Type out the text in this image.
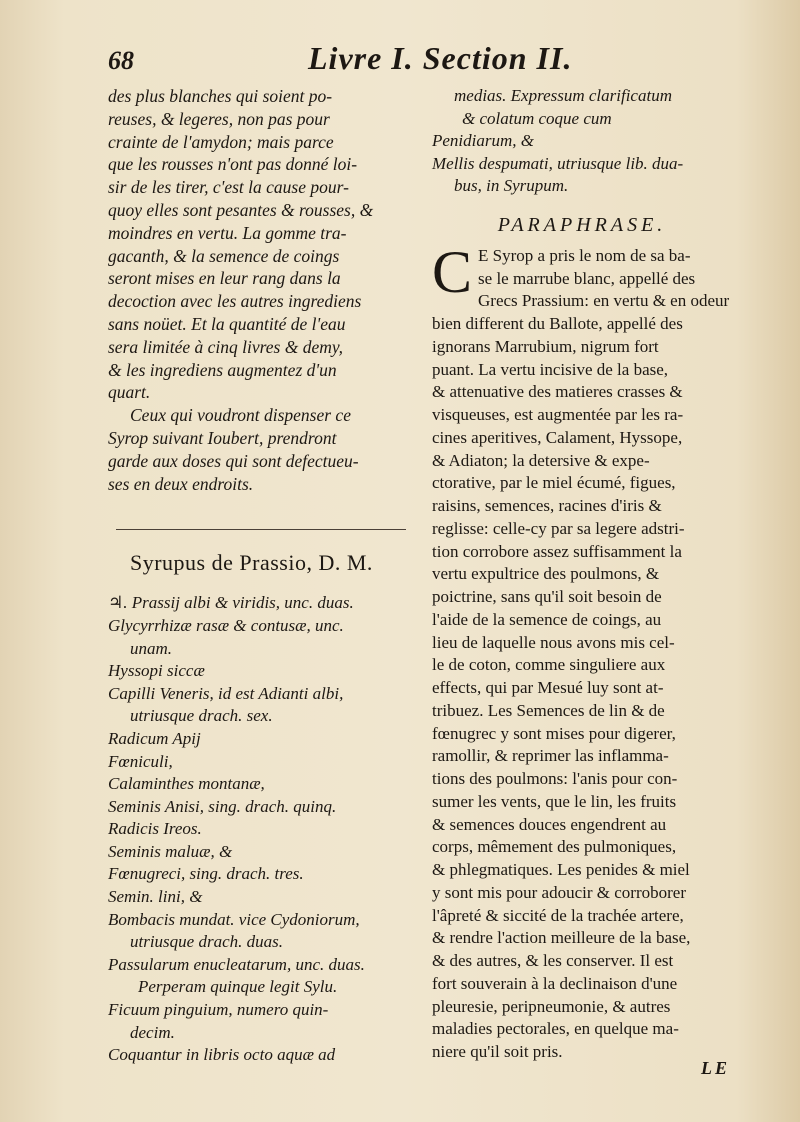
68	Livre I. Section II.

des plus blanches qui soient po-

reuses, & legeres, non pas pour

crainte de l'amydon; mais parce

que les rousses n'ont pas donné loi-

sir de les tirer, c'est la cause pour-

quoy elles sont pesantes & rousses, &

moindres en vertu. La gomme tra-

gacanth, & la semence de coings

seront mises en leur rang dans la

decoction avec les autres ingrediens

sans noüet. Et la quantité de l'eau

sera limitée à cinq livres & demy,

& les ingrediens augmentez d'un

quart.

Ceux qui voudront dispenser ce

Syrop suivant Ioubert, prendront

garde aux doses qui sont defectueu-

ses en deux endroits.

Syrupus de Prassio, D. M.

♃. Prassij albi & viridis, unc. duas.

Glycyrrhizæ rasæ & contusæ, unc.

unam.

Hyssopi siccæ

Capilli Veneris, id est Adianti albi,

utriusque drach. sex.

Radicum Apij

Fœniculi,

Calaminthes montanæ,

Seminis Anisi, sing. drach. quinq.

Radicis Ireos.

Seminis maluæ, &

Fœnugreci, sing. drach. tres.

Semin. lini, &

Bombacis mundat. vice Cydoniorum,

utriusque drach. duas.

Passularum enucleatarum, unc. duas.

Perperam quinque legit Sylu.

Ficuum pinguium, numero quin-

decim.

Coquantur in libris octo aquæ ad

medias. Expressum clarificatum

& colatum coque cum

Penidiarum, &

Mellis despumati, utriusque lib. dua-

bus, in Syrupum.

PARAPHRASE.
C E Syrop a pris le nom de sa ba-

se le marrube blanc, appellé des

Grecs Prassium: en vertu & en odeur

bien different du Ballote, appellé des

ignorans Marrubium, nigrum fort

puant. La vertu incisive de la base,

& attenuative des matieres crasses &

visqueuses, est augmentée par les ra-

cines aperitives, Calament, Hyssope,

& Adiaton; la detersive & expe-

ctorative, par le miel écumé, figues,

raisins, semences, racines d'iris &

reglisse: celle-cy par sa legere adstri-

tion corrobore assez suffisamment la

vertu expultrice des poulmons, &

poictrine, sans qu'il soit besoin de

l'aide de la semence de coings, au

lieu de laquelle nous avons mis cel-

le de coton, comme singuliere aux

effects, qui par Mesué luy sont at-

tribuez. Les Semences de lin & de

fœnugrec y sont mises pour digerer,

ramollir, & reprimer las inflamma-

tions des poulmons: l'anis pour con-

sumer les vents, que le lin, les fruits

& semences douces engendrent au

corps, mêmement des pulmoniques,

& phlegmatiques. Les penides & miel

y sont mis pour adoucir & corroborer

l'âpreté & siccité de la trachée artere,

& rendre l'action meilleure de la base,

& des autres, & les conserver. Il est

fort souverain à la declinaison d'une

pleuresie, peripneumonie, & autres

maladies pectorales, en quelque ma-

niere qu'il soit pris.

LE
